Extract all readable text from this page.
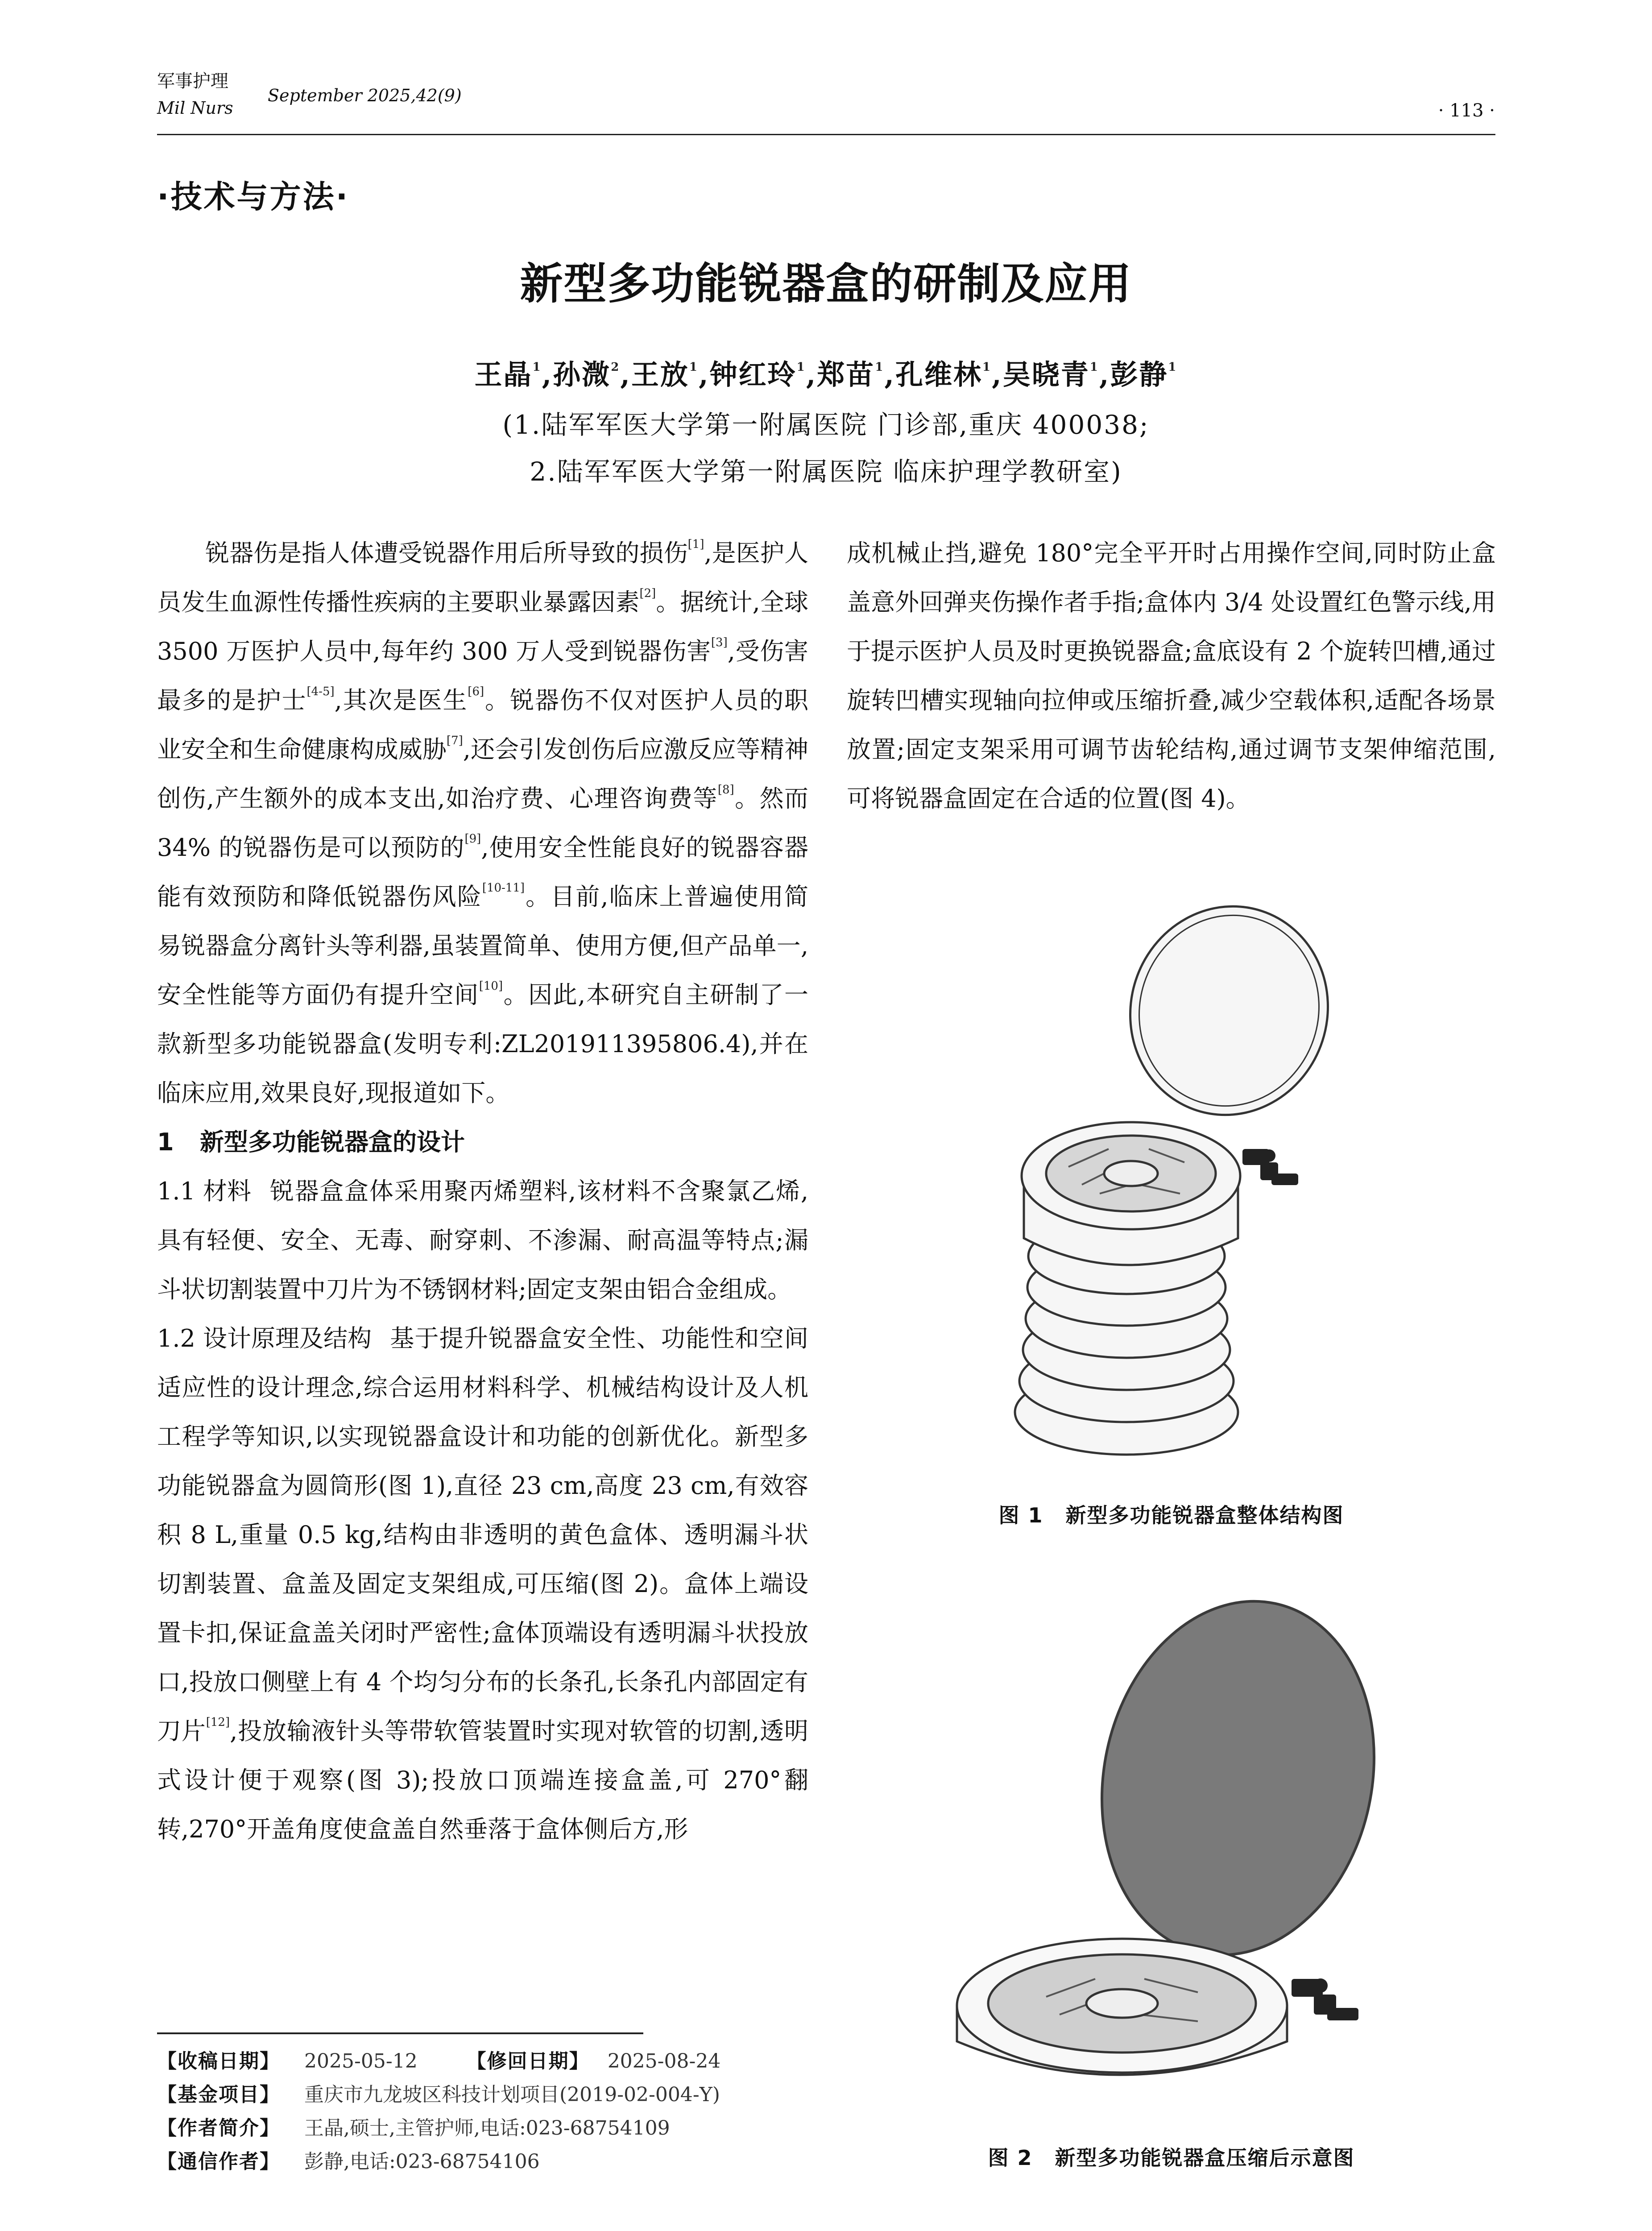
军事护理
Mil Nurs
September 2025,42(9)
· 113 ·
·技术与方法·
新型多功能锐器盒的研制及应用
王晶$^1$,孙溦$^2$,王放$^1$,钟红玲$^1$,郑苗$^1$,孔维林$^1$,吴晓青$^1$,彭静$^1$
(1.陆军军医大学第一附属医院 门诊部,重庆 400038;
2.陆军军医大学第一附属医院 临床护理学教研室)

锐器伤是指人体遭受锐器作用后所导致的损伤[1],是医护人员发生血源性传播性疾病的主要职业暴露因素[2]。据统计,全球 3500 万医护人员中,每年约 300 万人受到锐器伤害[3],受伤害最多的是护士[4-5],其次是医生[6]。锐器伤不仅对医护人员的职业安全和生命健康构成威胁[7],还会引发创伤后应激反应等精神创伤,产生额外的成本支出,如治疗费、心理咨询费等[8]。然而 34% 的锐器伤是可以预防的[9],使用安全性能良好的锐器容器能有效预防和降低锐器伤风险[10-11]。目前,临床上普遍使用简易锐器盒分离针头等利器,虽装置简单、使用方便,但产品单一,安全性能等方面仍有提升空间[10]。因此,本研究自主研制了一款新型多功能锐器盒(发明专利:ZL201911395806.4),并在临床应用,效果良好,现报道如下。

1 新型多功能锐器盒的设计

1.1 材料 锐器盒盒体采用聚丙烯塑料,该材料不含聚氯乙烯,具有轻便、安全、无毒、耐穿刺、不渗漏、耐高温等特点;漏斗状切割装置中刀片为不锈钢材料;固定支架由铝合金组成。

1.2 设计原理及结构 基于提升锐器盒安全性、功能性和空间适应性的设计理念,综合运用材料科学、机械结构设计及人机工程学等知识,以实现锐器盒设计和功能的创新优化。新型多功能锐器盒为圆筒形(图 1),直径 23 cm,高度 23 cm,有效容积 8 L,重量 0.5 kg,结构由非透明的黄色盒体、透明漏斗状切割装置、盒盖及固定支架组成,可压缩(图 2)。盒体上端设置卡扣,保证盒盖关闭时严密性;盒体顶端设有透明漏斗状投放口,投放口侧壁上有 4 个均匀分布的长条孔,长条孔内部固定有刀片[12],投放输液针头等带软管装置时实现对软管的切割,透明式设计便于观察(图 3);投放口顶端连接盒盖,可 270°翻转,270°开盖角度使盒盖自然垂落于盒体侧后方,形

成机械止挡,避免 180°完全平开时占用操作空间,同时防止盒盖意外回弹夹伤操作者手指;盒体内 3/4 处设置红色警示线,用于提示医护人员及时更换锐器盒;盒底设有 2 个旋转凹槽,通过旋转凹槽实现轴向拉伸或压缩折叠,减少空载体积,适配各场景放置;固定支架采用可调节齿轮结构,通过调节支架伸缩范围,可将锐器盒固定在合适的位置(图 4)。

图 1 新型多功能锐器盒整体结构图
图 2 新型多功能锐器盒压缩后示意图
【收稿日期】 2025-05-12	【修回日期】 2025-08-24
【基金项目】 重庆市九龙坡区科技计划项目(2019-02-004-Y)
【作者简介】 王晶,硕士,主管护师,电话:023-68754109
【通信作者】 彭静,电话:023-68754106
